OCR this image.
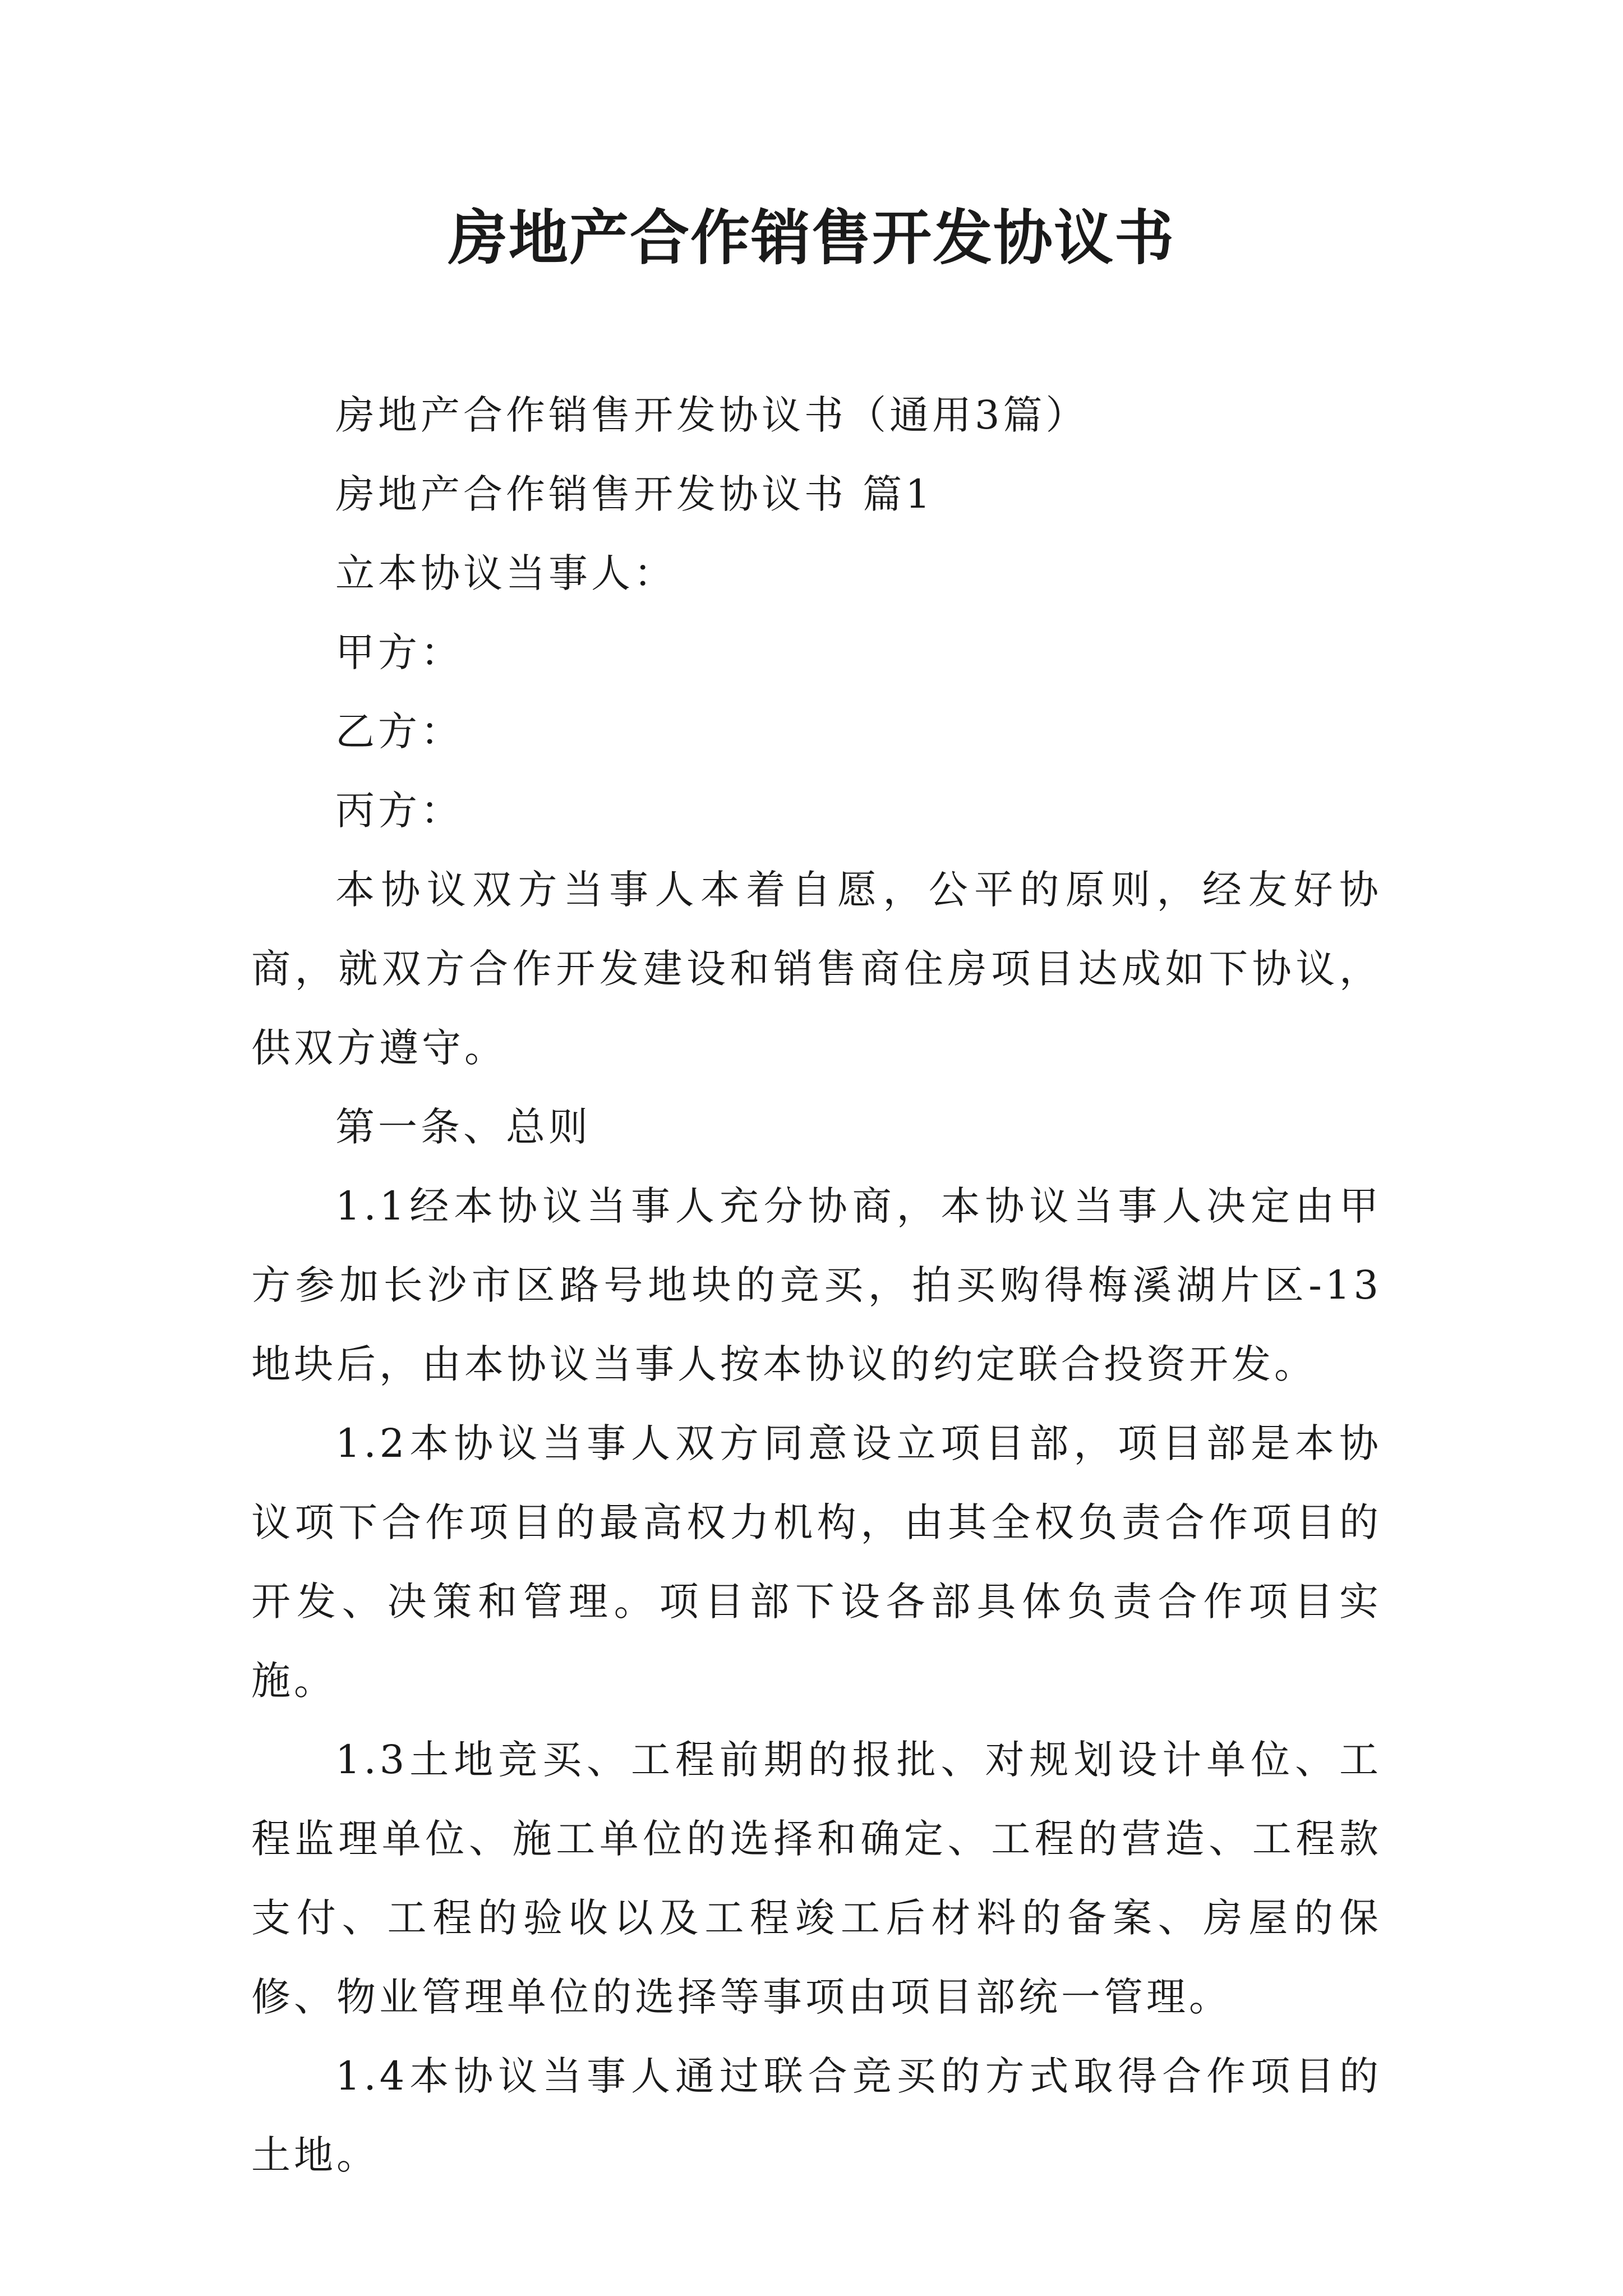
房地产合作销售开发协议书

房地产合作销售开发协议书（通用3篇）

房地产合作销售开发协议书 篇1

立本协议当事人：

甲方：

乙方：

丙方：

本协议双方当事人本着自愿，公平的原则，经友好协商，就双方合作开发建设和销售商住房项目达成如下协议，供双方遵守。

第一条、总则

1.1经本协议当事人充分协商，本协议当事人决定由甲方参加长沙市区路号地块的竞买，拍买购得梅溪湖片区-13地块后，由本协议当事人按本协议的约定联合投资开发。

1.2本协议当事人双方同意设立项目部，项目部是本协议项下合作项目的最高权力机构，由其全权负责合作项目的开发、决策和管理。项目部下设各部具体负责合作项目实施。

1.3土地竞买、工程前期的报批、对规划设计单位、工程监理单位、施工单位的选择和确定、工程的营造、工程款支付、工程的验收以及工程竣工后材料的备案、房屋的保修、物业管理单位的选择等事项由项目部统一管理。

1.4本协议当事人通过联合竞买的方式取得合作项目的土地。
